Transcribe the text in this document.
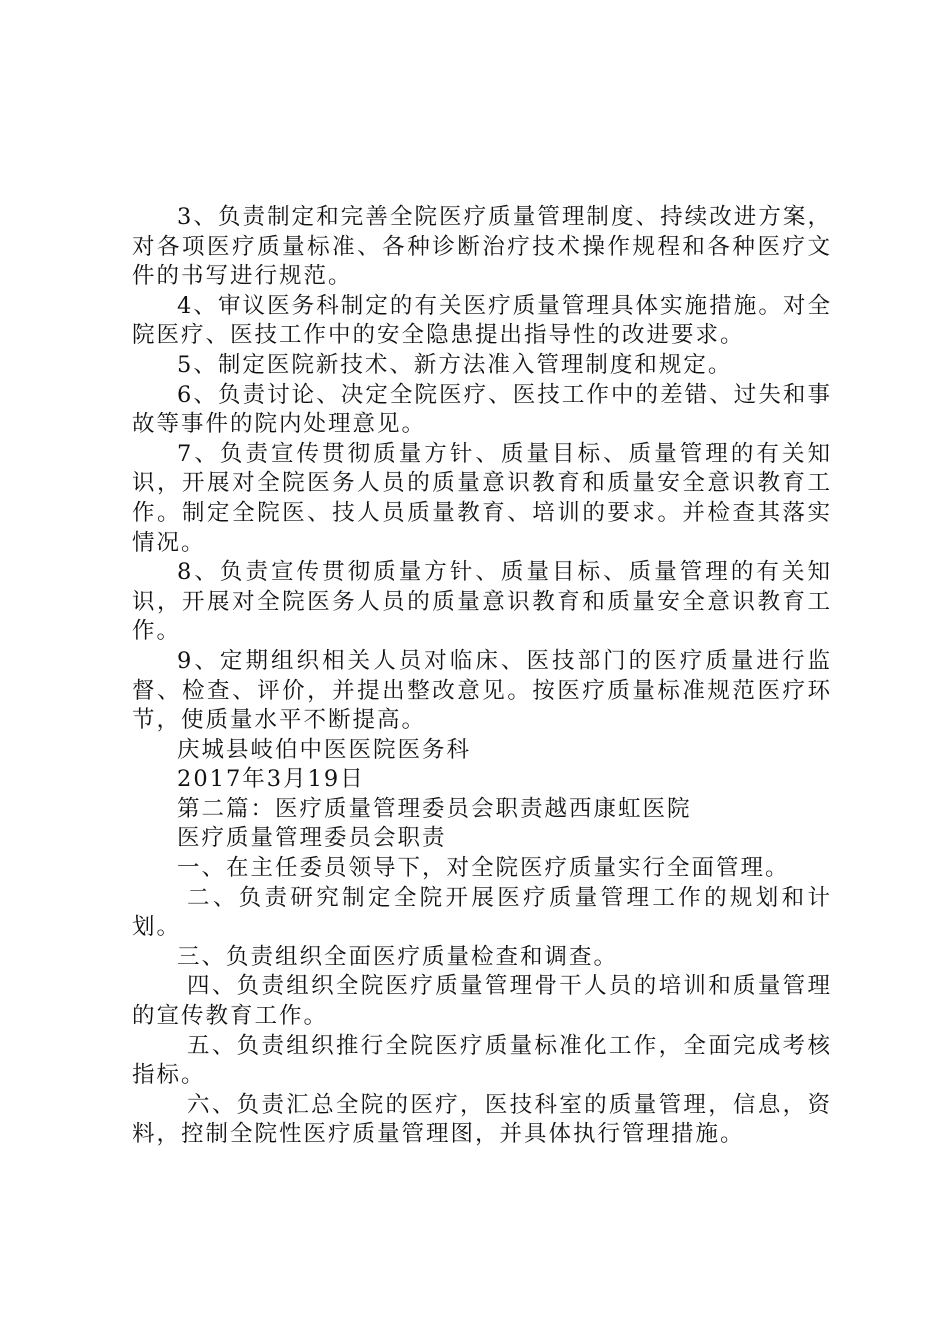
3、负责制定和完善全院医疗质量管理制度、持续改进方案，对各项医疗质量标准、各种诊断治疗技术操作规程和各种医疗文件的书写进行规范。

4、审议医务科制定的有关医疗质量管理具体实施措施。对全院医疗、医技工作中的安全隐患提出指导性的改进要求。

5、制定医院新技术、新方法准入管理制度和规定。

6、负责讨论、决定全院医疗、医技工作中的差错、过失和事故等事件的院内处理意见。

7、负责宣传贯彻质量方针、质量目标、质量管理的有关知识，开展对全院医务人员的质量意识教育和质量安全意识教育工作。制定全院医、技人员质量教育、培训的要求。并检查其落实情况。

8、负责宣传贯彻质量方针、质量目标、质量管理的有关知识，开展对全院医务人员的质量意识教育和质量安全意识教育工作。

9、定期组织相关人员对临床、医技部门的医疗质量进行监督、检查、评价，并提出整改意见。按医疗质量标准规范医疗环节，使质量水平不断提高。

庆城县岐伯中医医院医务科

2017年3月19日

第二篇：医疗质量管理委员会职责越西康虹医院

医疗质量管理委员会职责

一、在主任委员领导下，对全院医疗质量实行全面管理。

二、负责研究制定全院开展医疗质量管理工作的规划和计划。

三、负责组织全面医疗质量检查和调查。

四、负责组织全院医疗质量管理骨干人员的培训和质量管理的宣传教育工作。

五、负责组织推行全院医疗质量标准化工作，全面完成考核指标。

六、负责汇总全院的医疗，医技科室的质量管理，信息，资料，控制全院性医疗质量管理图，并具体执行管理措施。
